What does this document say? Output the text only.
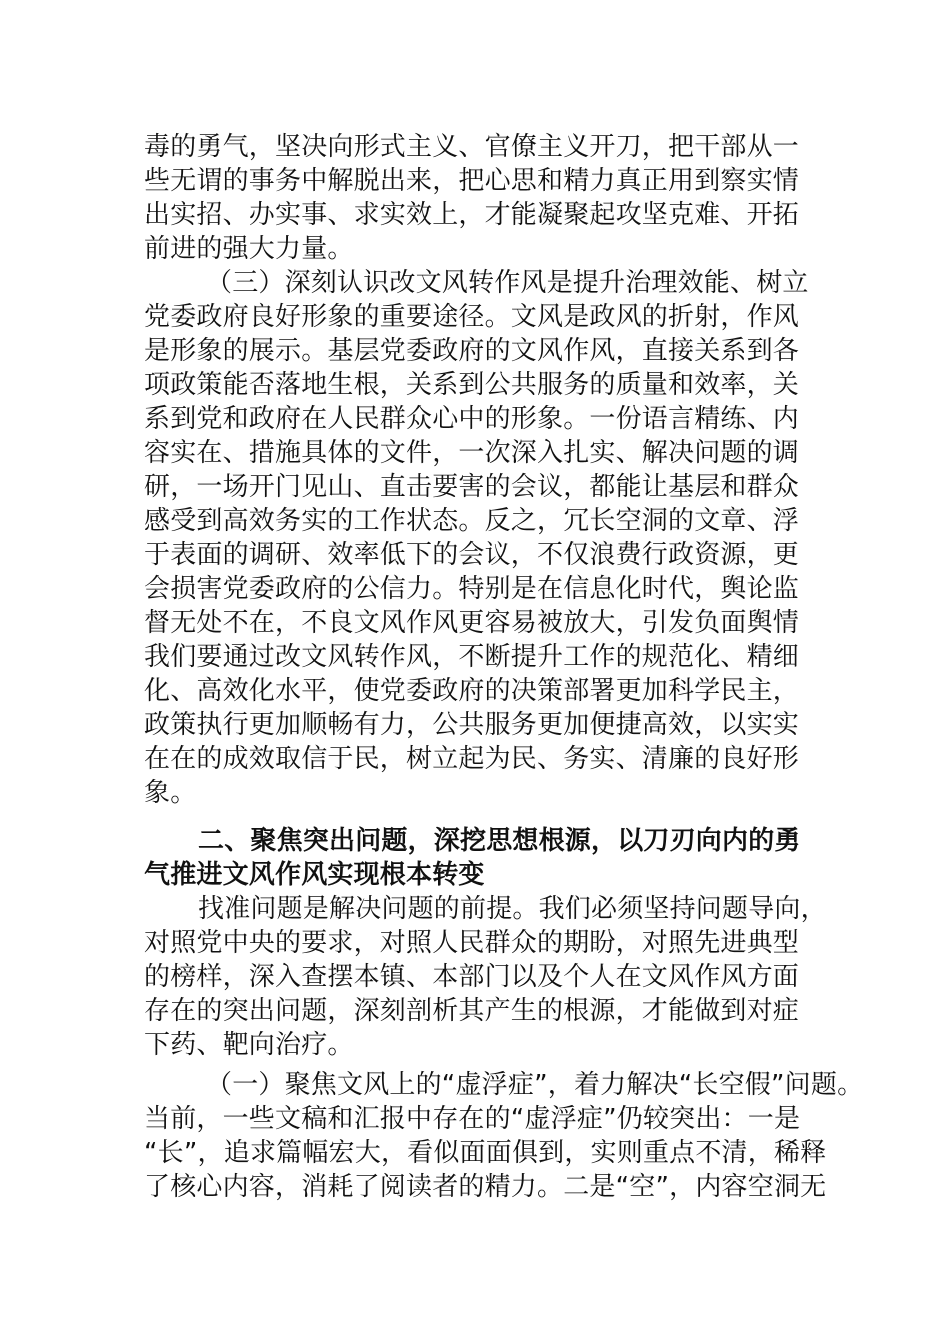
毒的勇气，坚决向形式主义、官僚主义开刀，把干部从一
些无谓的事务中解脱出来，把心思和精力真正用到察实情
出实招、办实事、求实效上，才能凝聚起攻坚克难、开拓
前进的强大力量。
（三）深刻认识改文风转作风是提升治理效能、树立
党委政府良好形象的重要途径。文风是政风的折射，作风
是形象的展示。基层党委政府的文风作风，直接关系到各
项政策能否落地生根，关系到公共服务的质量和效率，关
系到党和政府在人民群众心中的形象。一份语言精练、内
容实在、措施具体的文件，一次深入扎实、解决问题的调
研，一场开门见山、直击要害的会议，都能让基层和群众
感受到高效务实的工作状态。反之，冗长空洞的文章、浮
于表面的调研、效率低下的会议，不仅浪费行政资源，更
会损害党委政府的公信力。特别是在信息化时代，舆论监
督无处不在，不良文风作风更容易被放大，引发负面舆情
我们要通过改文风转作风，不断提升工作的规范化、精细
化、高效化水平，使党委政府的决策部署更加科学民主，
政策执行更加顺畅有力，公共服务更加便捷高效，以实实
在在的成效取信于民，树立起为民、务实、清廉的良好形
象。
二、聚焦突出问题，深挖思想根源，以刀刃向内的勇
气推进文风作风实现根本转变
找准问题是解决问题的前提。我们必须坚持问题导向，
对照党中央的要求，对照人民群众的期盼，对照先进典型
的榜样，深入查摆本镇、本部门以及个人在文风作风方面
存在的突出问题，深刻剖析其产生的根源，才能做到对症
下药、靶向治疗。
（一）聚焦文风上的“虚浮症”，着力解决“长空假”问题。
当前，一些文稿和汇报中存在的“虚浮症”仍较突出：一是
“长”，追求篇幅宏大，看似面面俱到，实则重点不清，稀释
了核心内容，消耗了阅读者的精力。二是“空”，内容空洞无
